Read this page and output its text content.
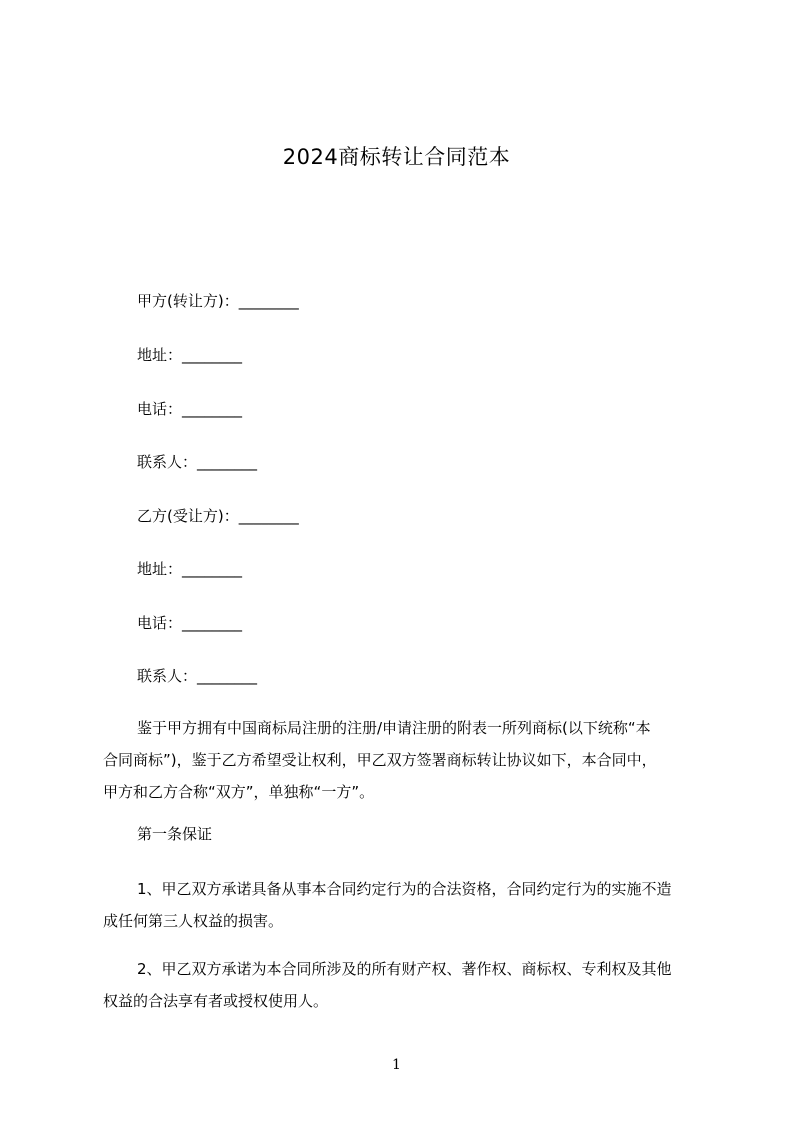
2024商标转让合同范本
甲方(转让方)：________
地址：________
电话：________
联系人：________
乙方(受让方)：________
地址：________
电话：________
联系人：________
鉴于甲方拥有中国商标局注册的注册/申请注册的附表一所列商标(以下统称“本
合同商标”)，鉴于乙方希望受让权利，甲乙双方签署商标转让协议如下，本合同中，
甲方和乙方合称“双方”，单独称“一方”。
第一条保证
1、甲乙双方承诺具备从事本合同约定行为的合法资格，合同约定行为的实施不造
成任何第三人权益的损害。
2、甲乙双方承诺为本合同所涉及的所有财产权、著作权、商标权、专利权及其他
权益的合法享有者或授权使用人。
1
